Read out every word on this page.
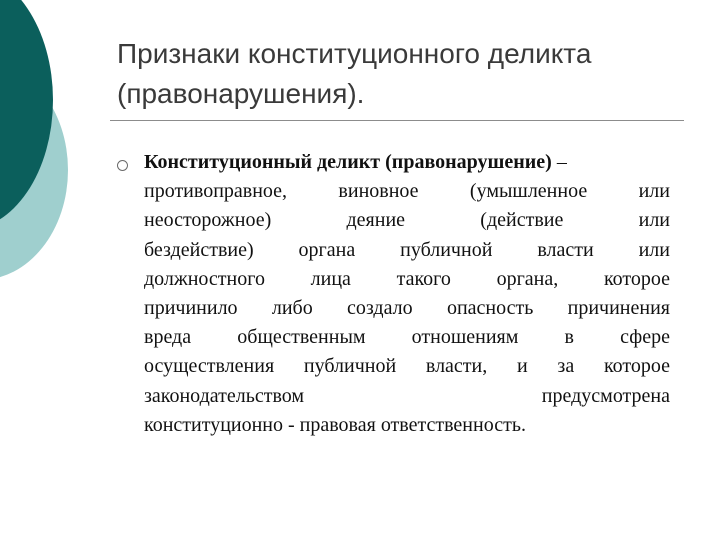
Признаки конституционного деликта
(правонарушения).
Конституционный деликт (правонарушение) –
противоправное, виновное (умышленное или
неосторожное) деяние (действие или
бездействие) органа публичной власти или
должностного лица такого органа, которое
причинило либо создало опасность причинения
вреда общественным отношениям в сфере
осуществления публичной власти, и за которое
законодательством предусмотрена
конституционно - правовая ответственность.
